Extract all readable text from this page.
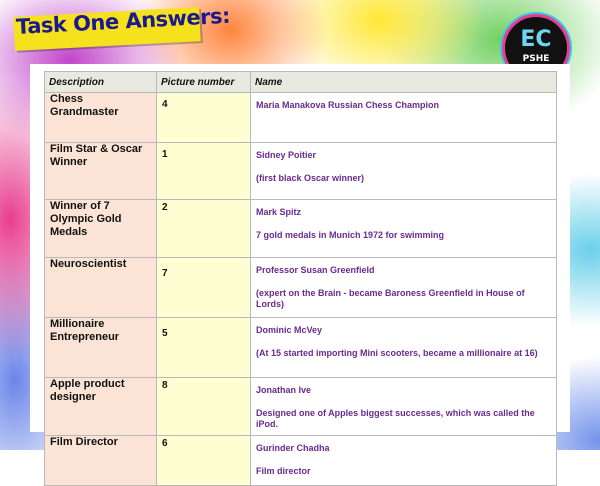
Task One Answers:
EC
PSHE
Description	Picture number	Name
Chess Grandmaster	4	Maria Manakova Russian Chess Champion
Film Star & Oscar Winner	1	Sidney Poitier
(first black Oscar winner)

Winner of 7 Olympic Gold Medals	2	Mark Spitz
7 gold medals in Munich 1972 for swimming

Neuroscientist	7	Professor Susan Greenfield
(expert on the Brain - became Baroness Greenfield in House of Lords)

Millionaire Entrepreneur	5	Dominic McVey
(At 15 started importing Mini scooters, became a millionaire at 16)

Apple product designer	8	Jonathan Ive
Designed one of Apples biggest successes, which was called the iPod.

Film Director	6	Gurinder Chadha
Film director
